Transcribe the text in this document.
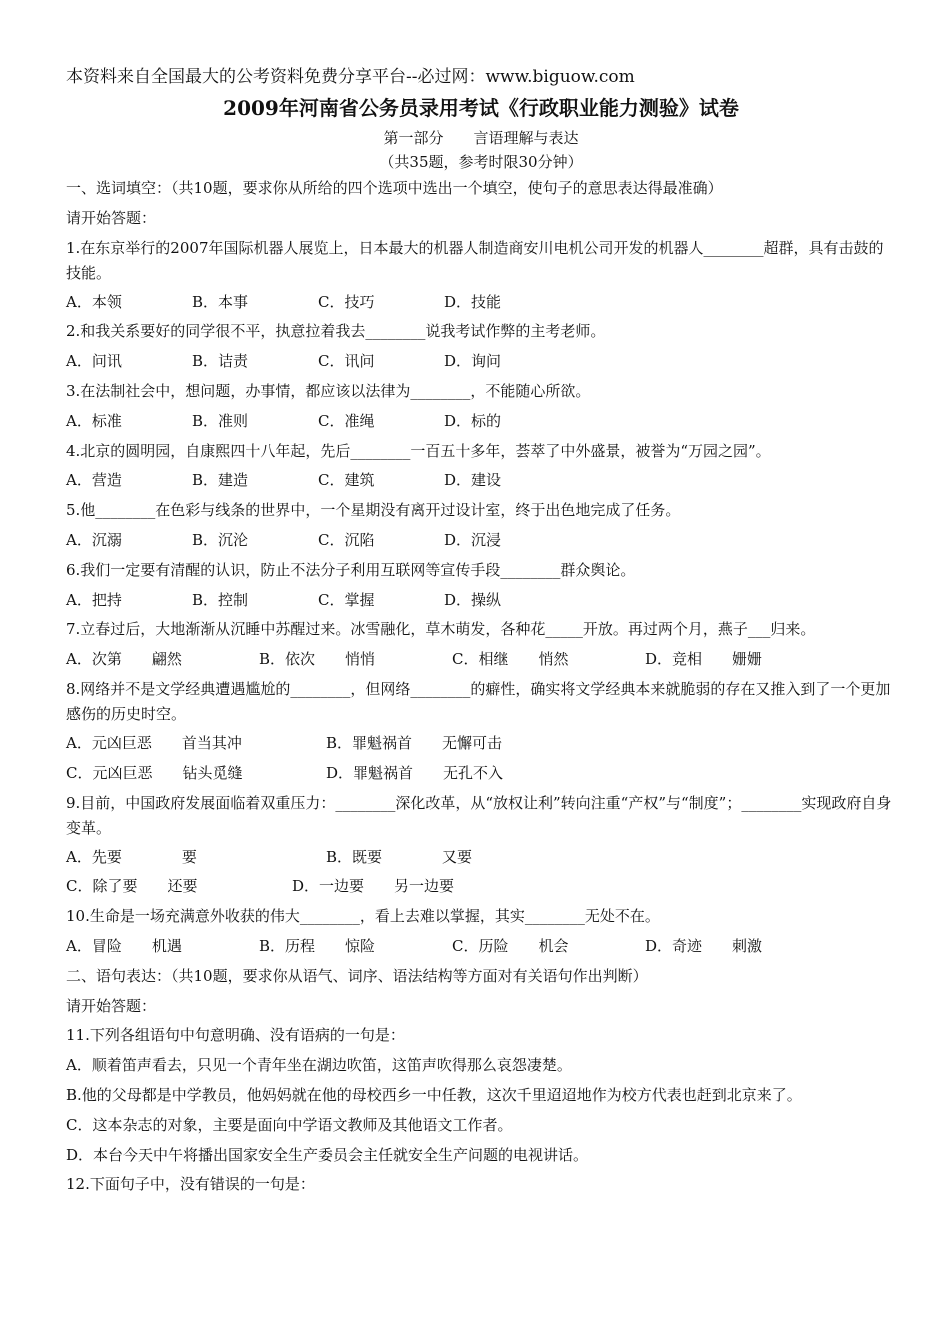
本资料来自全国最大的公考资料免费分享平台--必过网：www.biguow.com

2009年河南省公务员录用考试《行政职业能力测验》试卷

第一部分　　言语理解与表达

（共35题，参考时限30分钟）

一、选词填空：（共10题，要求你从所给的四个选项中选出一个填空，使句子的意思表达得最准确）

请开始答题：

1.在东京举行的2007年国际机器人展览上，日本最大的机器人制造商安川电机公司开发的机器人________超群，具有击鼓的技能。

A．本领	B．本事	C．技巧	D．技能

2.和我关系要好的同学很不平，执意拉着我去________说我考试作弊的主考老师。

A．问讯	B．诘责	C．讯问	D．询问

3.在法制社会中，想问题，办事情，都应该以法律为________，不能随心所欲。

A．标准	B．准则	C．准绳	D．标的

4.北京的圆明园，自康熙四十八年起，先后________一百五十多年，荟萃了中外盛景，被誉为“万园之园”。

A．营造	B．建造	C．建筑	D．建设

5.他________在色彩与线条的世界中，一个星期没有离开过设计室，终于出色地完成了任务。

A．沉溺	B．沉沦	C．沉陷	D．沉浸

6.我们一定要有清醒的认识，防止不法分子利用互联网等宣传手段________群众舆论。

A．把持	B．控制	C．掌握	D．操纵

7.立春过后，大地渐渐从沉睡中苏醒过来。冰雪融化，草木萌发，各种花_____开放。再过两个月，燕子___归来。

A．次第　　翩然	B．依次　　悄悄	C．相继　　悄然	D．竞相　　姗姗

8.网络并不是文学经典遭遇尴尬的________，但网络________的癖性，确实将文学经典本来就脆弱的存在又推入到了一个更加感伤的历史时空。

A．元凶巨恶　　首当其冲	B．罪魁祸首　　无懈可击
C．元凶巨恶　　钻头觅缝	D．罪魁祸首　　无孔不入

9.目前，中国政府发展面临着双重压力：________深化改革，从“放权让利”转向注重“产权”与“制度”；________实现政府自身变革。

A．先要　　　　要	B．既要　　　　又要
C．除了要　　还要	D．一边要　　另一边要

10.生命是一场充满意外收获的伟大________，看上去难以掌握，其实________无处不在。

A．冒险　　机遇	B．历程　　惊险	C．历险　　机会	D．奇迹　　刺激

二、语句表达：（共10题，要求你从语气、词序、语法结构等方面对有关语句作出判断）

请开始答题：

11.下列各组语句中句意明确、没有语病的一句是：

A．顺着笛声看去，只见一个青年坐在湖边吹笛，这笛声吹得那么哀怨凄楚。

B.他的父母都是中学教员，他妈妈就在他的母校西乡一中任教，这次千里迢迢地作为校方代表也赶到北京来了。

C．这本杂志的对象，主要是面向中学语文教师及其他语文工作者。

D．本台今天中午将播出国家安全生产委员会主任就安全生产问题的电视讲话。

12.下面句子中，没有错误的一句是：
